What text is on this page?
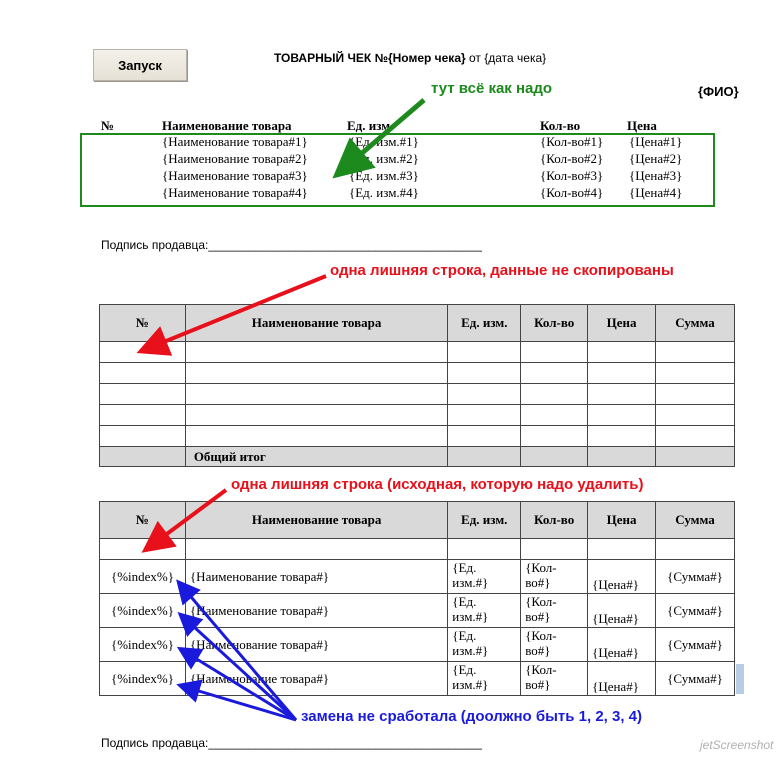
Запуск	ТОВАРНЫЙ ЧЕК №{Номер чека} от {дата чека}
{ФИО}
тут всё как надо
№	Наименование товара	Ед. изм.	Кол-во	Цена
{Наименование товара#1}	{Ед. изм.#1}	{Кол-во#1} {Цена#1}
{Наименование товара#2}	{Ед. изм.#2}	{Кол-во#2} {Цена#2}
{Наименование товара#3}	{Ед. изм.#3}	{Кол-во#3} {Цена#3}
{Наименование товара#4}	{Ед. изм.#4}	{Кол-во#4} {Цена#4}
Подпись продавца:_________________________________________
одна лишняя строка, данные не скопированы
№	Наименование товара	Ед. изм.	Кол-во	Цена	Сумма

	Общий итог				
одна лишняя строка (исходная, которую надо удалить)
№	Наименование товара	Ед. изм.	Кол-во	Цена	Сумма

{%index%}	{Наименование товара#}	{Ед.
изм.#}	{Кол-
во#}	{Цена#}	{Сумма#}
{%index%}	{Наименование товара#}	{Ед.
изм.#}	{Кол-
во#}	{Цена#}	{Сумма#}
{%index%}	{Наименование товара#}	{Ед.
изм.#}	{Кол-
во#}	{Цена#}	{Сумма#}
{%index%}	{Наименование товара#}	{Ед.
изм.#}	{Кол-
во#}	{Цена#}	{Сумма#}
замена не сработала (доолжно быть 1, 2, 3, 4)
Подпись продавца:_________________________________________	jetScreenshot
